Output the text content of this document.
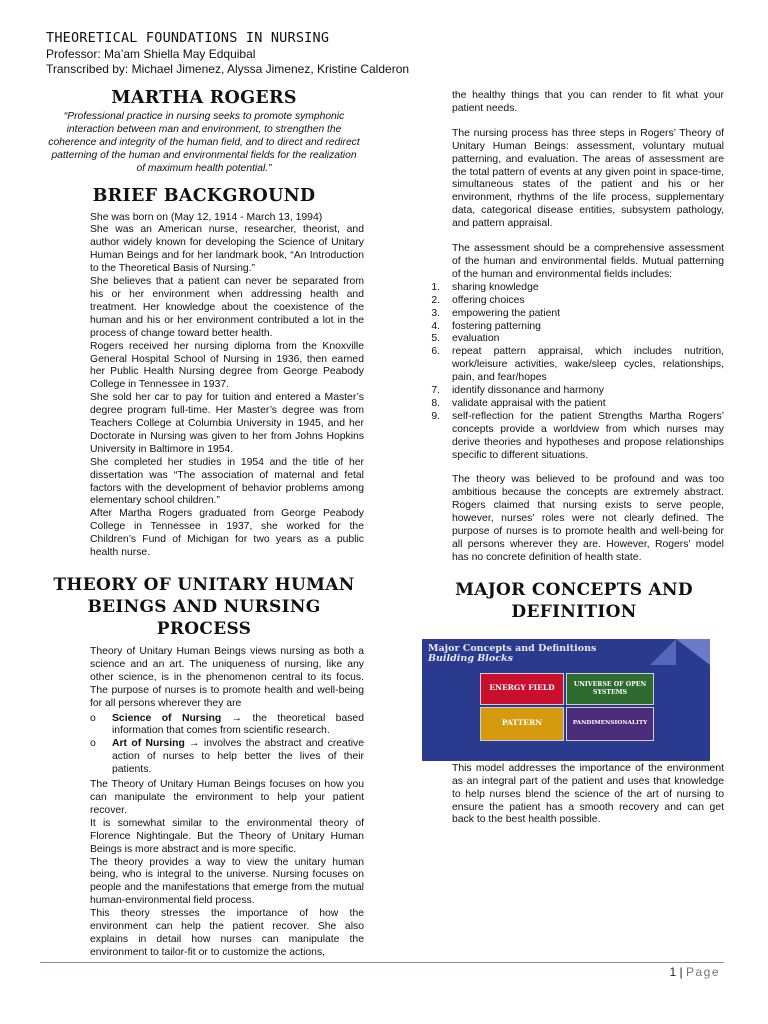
THEORETICAL FOUNDATIONS IN NURSING
Professor: Ma’am Shiella May Edquibal
Transcribed by: Michael Jimenez, Alyssa Jimenez, Kristine Calderon
MARTHA ROGERS
“Professional practice in nursing seeks to promote symphonic interaction between man and environment, to strengthen the coherence and integrity of the human field, and to direct and redirect patterning of the human and environmental fields for the realization of maximum health potential.”
BRIEF BACKGROUND

She was born on (May 12, 1914 - March 13, 1994)

She was an American nurse, researcher, theorist, and author widely known for developing the Science of Unitary Human Beings and for her landmark book, “An Introduction to the Theoretical Basis of Nursing.”

She believes that a patient can never be separated from his or her environment when addressing health and treatment. Her knowledge about the coexistence of the human and his or her environment contributed a lot in the process of change toward better health.

Rogers received her nursing diploma from the Knoxville General Hospital School of Nursing in 1936, then earned her Public Health Nursing degree from George Peabody College in Tennessee in 1937.

She sold her car to pay for tuition and entered a Master’s degree program full-time. Her Master’s degree was from Teachers College at Columbia University in 1945, and her Doctorate in Nursing was given to her from Johns Hopkins University in Baltimore in 1954.

She completed her studies in 1954 and the title of her dissertation was “The association of maternal and fetal factors with the development of behavior problems among elementary school children.”

After Martha Rogers graduated from George Peabody College in Tennessee in 1937, she worked for the Children’s Fund of Michigan for two years as a public health nurse.

THEORY OF UNITARY HUMAN BEINGS AND NURSING PROCESS

Theory of Unitary Human Beings views nursing as both a science and an art. The uniqueness of nursing, like any other science, is in the phenomenon central to its focus. The purpose of nurses is to promote health and well-being for all persons wherever they are

o Science of Nursing → the theoretical based information that comes from scientific research.
o Art of Nursing → involves the abstract and creative action of nurses to help better the lives of their patients.

The Theory of Unitary Human Beings focuses on how you can manipulate the environment to help your patient recover.

It is somewhat similar to the environmental theory of Florence Nightingale. But the Theory of Unitary Human Beings is more abstract and is more specific.

The theory provides a way to view the unitary human being, who is integral to the universe. Nursing focuses on people and the manifestations that emerge from the mutual human-environmental field process.

This theory stresses the importance of how the environment can help the patient recover. She also explains in detail how nurses can manipulate the environment to tailor-fit or to customize the actions,

the healthy things that you can render to fit what your patient needs.

The nursing process has three steps in Rogers’ Theory of Unitary Human Beings: assessment, voluntary mutual patterning, and evaluation. The areas of assessment are the total pattern of events at any given point in space-time, simultaneous states of the patient and his or her environment, rhythms of the life process, supplementary data, categorical disease entities, subsystem pathology, and pattern appraisal.

The assessment should be a comprehensive assessment of the human and environmental fields. Mutual patterning of the human and environmental fields includes:

1. sharing knowledge
2. offering choices
3. empowering the patient
4. fostering patterning
5. evaluation
6. repeat pattern appraisal, which includes nutrition, work/leisure activities, wake/sleep cycles, relationships, pain, and fear/hopes
7. identify dissonance and harmony
8. validate appraisal with the patient
9. self-reflection for the patient Strengths Martha Rogers’ concepts provide a worldview from which nurses may derive theories and hypotheses and propose relationships specific to different situations.

The theory was believed to be profound and was too ambitious because the concepts are extremely abstract. Rogers claimed that nursing exists to serve people, however, nurses’ roles were not clearly defined. The purpose of nurses is to promote health and well-being for all persons wherever they are. However, Rogers’ model has no concrete definition of health state.

MAJOR CONCEPTS AND DEFINITION
Major Concepts and Definitions
Building Blocks
ENERGY FIELD	UNIVERSE OF OPEN SYSTEMS
PATTERN	PANDIMENSIONALITY

This model addresses the importance of the environment as an integral part of the patient and uses that knowledge to help nurses blend the science of the art of nursing to ensure the patient has a smooth recovery and can get back to the best health possible.

1 | Page
